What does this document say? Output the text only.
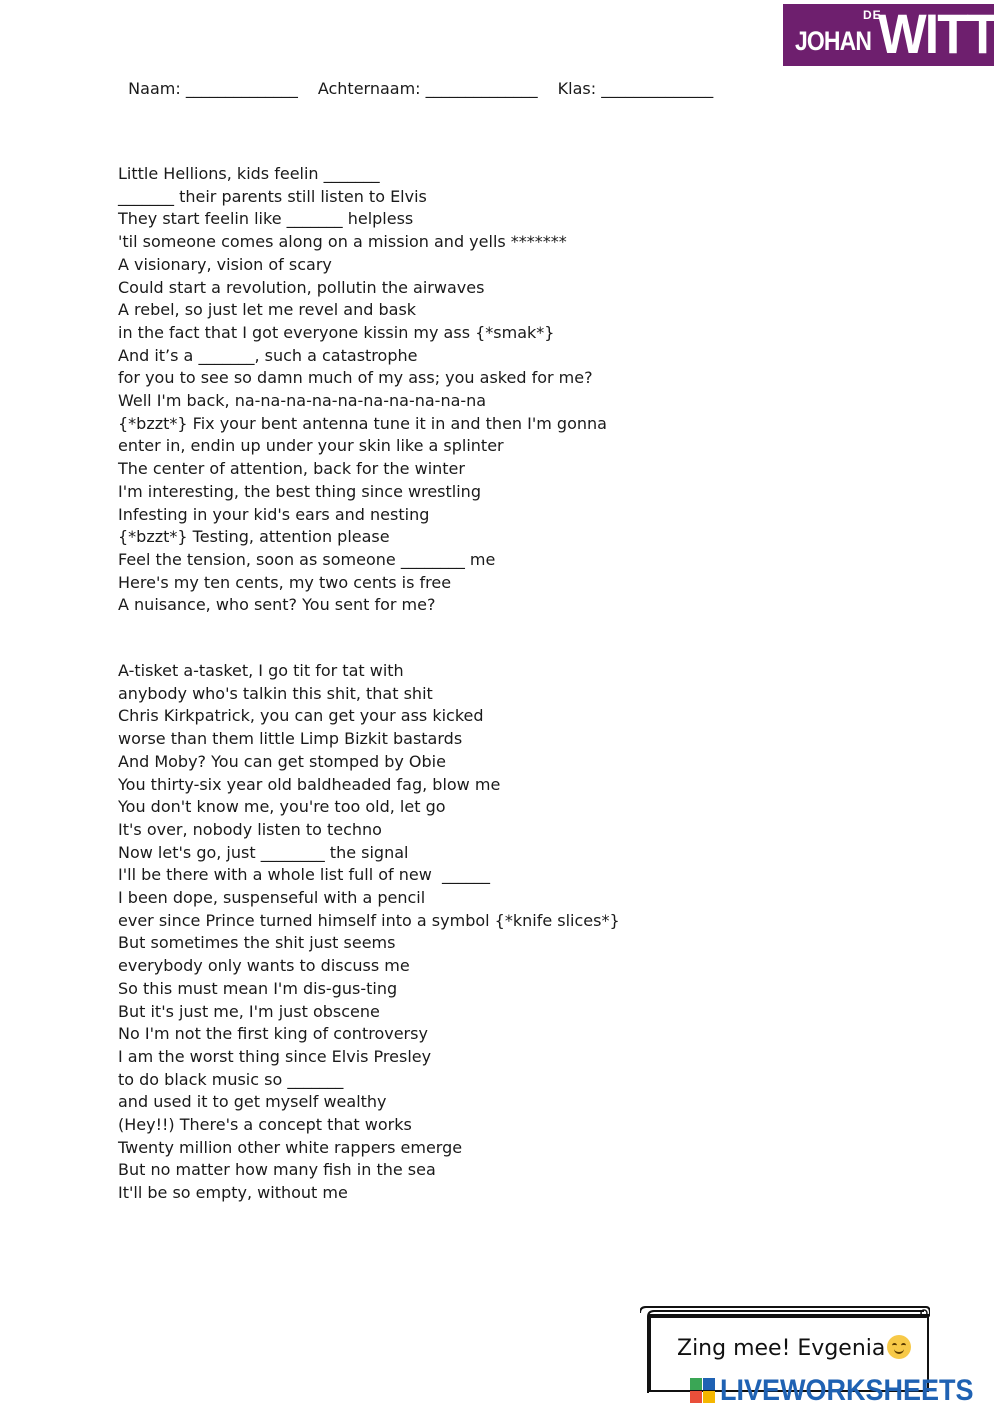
DE
JOHAN WITT

Naam: ______________ Achternaam: ______________ Klas: ______________

Little Hellions, kids feelin _______
_______ their parents still listen to Elvis
They start feelin like _______ helpless
'til someone comes along on a mission and yells *******
A visionary, vision of scary
Could start a revolution, pollutin the airwaves
A rebel, so just let me revel and bask
in the fact that I got everyone kissin my ass {*smak*}
And it’s a _______, such a catastrophe
for you to see so damn much of my ass; you asked for me?
Well I'm back, na-na-na-na-na-na-na-na-na-na
{*bzzt*} Fix your bent antenna tune it in and then I'm gonna
enter in, endin up under your skin like a splinter
The center of attention, back for the winter
I'm interesting, the best thing since wrestling
Infesting in your kid's ears and nesting
{*bzzt*} Testing, attention please
Feel the tension, soon as someone ________ me
Here's my ten cents, my two cents is free
A nuisance, who sent? You sent for me?
A-tisket a-tasket, I go tit for tat with
anybody who's talkin this shit, that shit
Chris Kirkpatrick, you can get your ass kicked
worse than them little Limp Bizkit bastards
And Moby? You can get stomped by Obie
You thirty-six year old baldheaded fag, blow me
You don't know me, you're too old, let go
It's over, nobody listen to techno
Now let's go, just ________ the signal
I'll be there with a whole list full of new  ______
I been dope, suspenseful with a pencil
ever since Prince turned himself into a symbol {*knife slices*}
But sometimes the shit just seems
everybody only wants to discuss me
So this must mean I'm dis-gus-ting
But it's just me, I'm just obscene
No I'm not the first king of controversy
I am the worst thing since Elvis Presley
to do black music so _______
and used it to get myself wealthy
(Hey!!) There's a concept that works
Twenty million other white rappers emerge
But no matter how many fish in the sea
It'll be so empty, without me
Zing mee! Evgenia
LIVEWORKSHEETS
